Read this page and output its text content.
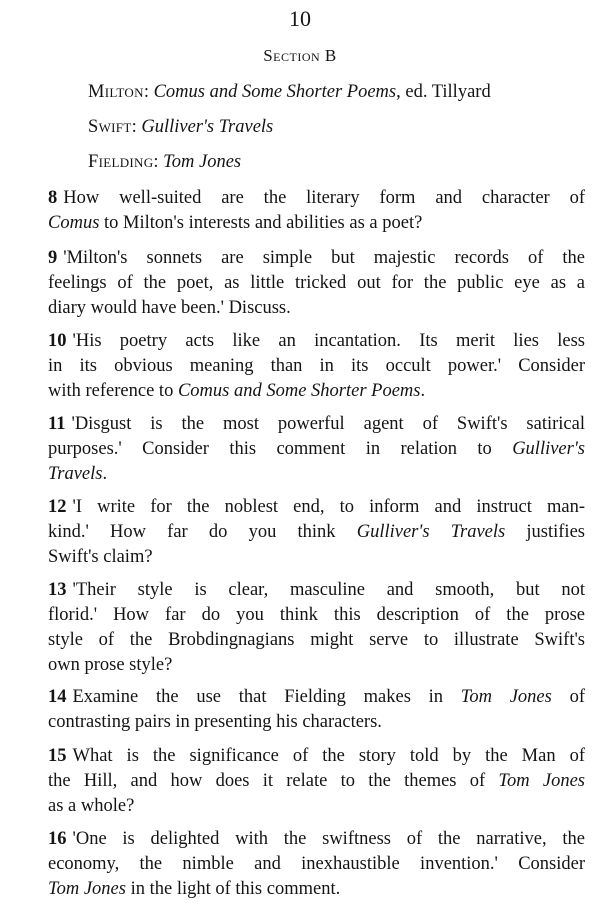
10
Section B
Milton: Comus and Some Shorter Poems, ed. Tillyard
Swift: Gulliver's Travels
Fielding: Tom Jones
8 How well-suited are the literary form and character of
Comus to Milton's interests and abilities as a poet?
9 'Milton's sonnets are simple but majestic records of the
feelings of the poet, as little tricked out for the public eye as a
diary would have been.' Discuss.
10 'His poetry acts like an incantation. Its merit lies less
in its obvious meaning than in its occult power.' Consider
with reference to Comus and Some Shorter Poems.
11 'Disgust is the most powerful agent of Swift's satirical
purposes.' Consider this comment in relation to Gulliver's
Travels.
12 'I write for the noblest end, to inform and instruct man-
kind.' How far do you think Gulliver's Travels justifies
Swift's claim?
13 'Their style is clear, masculine and smooth, but not
florid.' How far do you think this description of the prose
style of the Brobdingnagians might serve to illustrate Swift's
own prose style?
14 Examine the use that Fielding makes in Tom Jones of
contrasting pairs in presenting his characters.
15 What is the significance of the story told by the Man of
the Hill, and how does it relate to the themes of Tom Jones
as a whole?
16 'One is delighted with the swiftness of the narrative, the
economy, the nimble and inexhaustible invention.' Consider
Tom Jones in the light of this comment.
